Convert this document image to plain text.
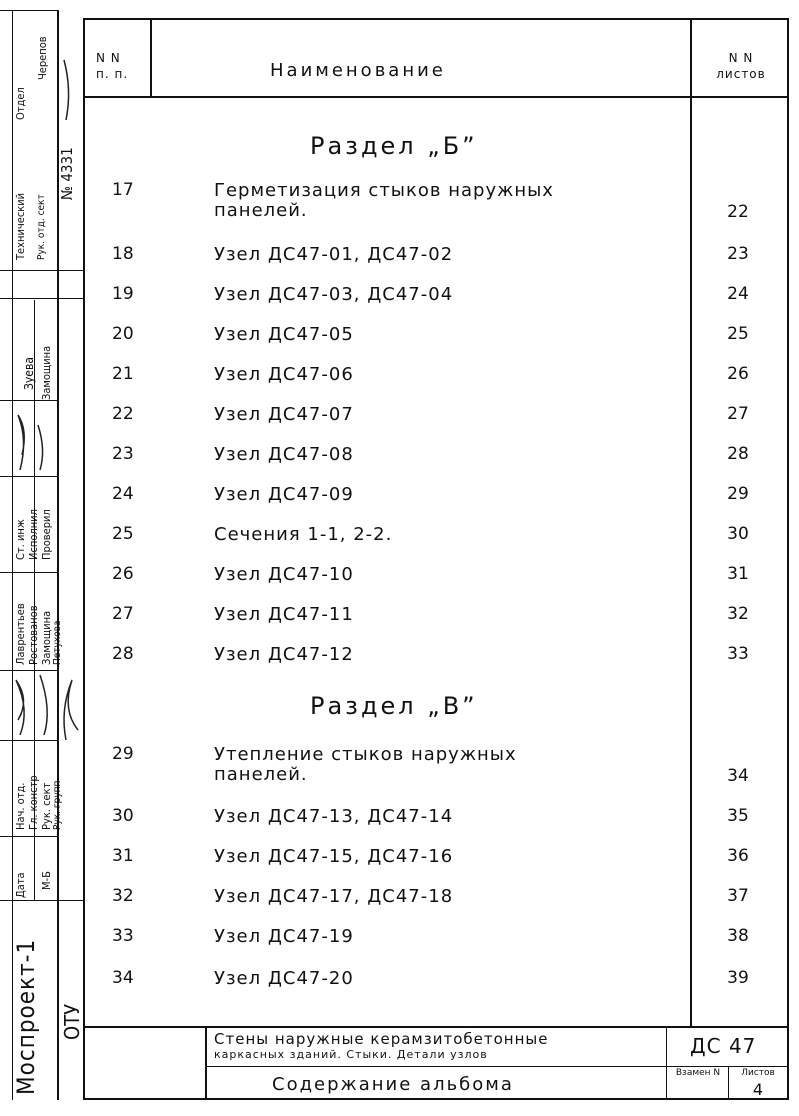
Технический Рук. отд. сект
Отдел
Черепов
№ 4331
Зуева Замощина
Ст. инж Исполнил Проверил
Лаврентьев Ростованов Замощина Петухова
Нач. отд. Гл. констр Рук. сект Рук. групп
Дата М-Б
Моспроект-1 ОТУ
N N
п. п.	Наименование
N N
листов
Раздел „Б”
Раздел „В”
17	Герметизация стыков наружных
панелей.	22
18	Узел ДС47-01, ДС47-02	23
19	Узел ДС47-03, ДС47-04	24
20	Узел ДС47-05	25
21	Узел ДС47-06	26
22	Узел ДС47-07	27
23	Узел ДС47-08	28
24	Узел ДС47-09	29
25	Сечения 1-1, 2-2.	30
26	Узел ДС47-10	31
27	Узел ДС47-11	32
28	Узел ДС47-12	33
29	Утепление стыков наружных
панелей.	34
30	Узел ДС47-13, ДС47-14	35
31	Узел ДС47-15, ДС47-16	36
32	Узел ДС47-17, ДС47-18	37
33	Узел ДС47-19	38
34	Узел ДС47-20	39
Стены наружные керамзитобетонные
каркасных зданий. Стыки. Детали узлов
Содержание альбома
ДС 47
Взамен N	Листов
4
